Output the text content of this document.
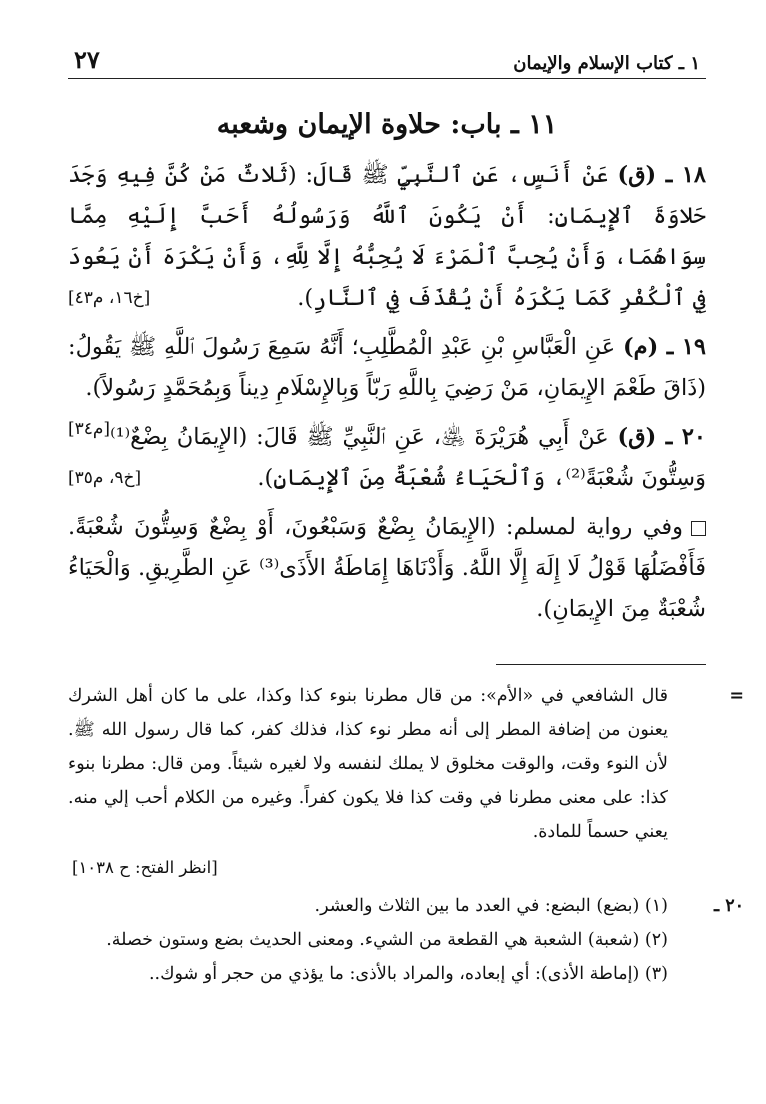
١ ـ كتاب الإسلام والإيمان
٢٧
١١ ـ باب: حلاوة الإيمان وشعبه
١٨ ـ (ق) عَنْ أَنَسٍ، عَنِ ٱلنَّبِيِّ ﷺ قَالَ: (ثَلاثٌ مَنْ كُنَّ فِيهِ وَجَدَ حَلاوَةَ ٱلإِيمَانِ: أَنْ يَكُونَ ٱللَّهُ وَرَسُولُهُ أَحَبَّ إِلَيْهِ مِمَّا سِوَاهُمَا، وَأَنْ يُحِبَّ ٱلْمَرْءَ لَا يُحِبُّهُ إِلَّا لِلَّهِ، وَأَنْ يَكْرَهَ أَنْ يَعُودَ فِي ٱلْكُفْرِ كَمَا يَكْرَهُ أَنْ يُقْذَفَ فِي ٱلنَّارِ).
[خ١٦، م٤٣]
١٩ ـ (م) عَنِ الْعَبَّاسِ بْنِ عَبْدِ الْمُطَّلِبِ؛ أَنَّهُ سَمِعَ رَسُولَ ٱللَّهِ ﷺ يَقُولُ: (ذَاقَ طَعْمَ الإِيمَانِ، مَنْ رَضِيَ بِاللَّهِ رَبّاً وَبِالإِسْلَامِ دِيناً وَبِمُحَمَّدٍ رَسُولاً).
[م٣٤]	٢٠ ـ (ق) عَنْ أَبِي هُرَيْرَةَ ﵁، عَنِ ٱلنَّبِيِّ ﷺ قَالَ: (الإِيمَانُ بِضْعٌ⁽¹⁾ وَسِتُّونَ شُعْبَةً⁽²⁾، وَٱلْحَيَاءُ شُعْبَةٌ مِنَ ٱلإِيمَانِ).
[خ٩، م٣٥]
وفي رواية لمسلم: (الإِيمَانُ بِضْعٌ وَسَبْعُونَ، أَوْ بِضْعٌ وَسِتُّونَ شُعْبَةً. فَأَفْضَلُهَا قَوْلُ لَا إِلَهَ إِلَّا اللَّهُ. وَأَدْنَاهَا إِمَاطَةُ الأَذَى⁽³⁾ عَنِ الطَّرِيقِ. وَالْحَيَاءُ شُعْبَةٌ مِنَ الإِيمَانِ).
=
قال الشافعي في «الأم»: من قال مطرنا بنوء كذا وكذا، على ما كان أهل الشرك يعنون من إضافة المطر إلى أنه مطر نوء كذا، فذلك كفر، كما قال رسول الله ﷺ. لأن النوء وقت، والوقت مخلوق لا يملك لنفسه ولا لغيره شيئاً. ومن قال: مطرنا بنوء كذا: على معنى مطرنا في وقت كذا فلا يكون كفراً. وغيره من الكلام أحب إلي منه. يعني حسماً للمادة.
[انظر الفتح: ح ١٠٣٨]
٢٠ ـ
(١) (بضع) البضع: في العدد ما بين الثلاث والعشر.
(٢) (شعبة) الشعبة هي القطعة من الشيء. ومعنى الحديث بضع وستون خصلة.
(٣) (إماطة الأذى): أي إبعاده، والمراد بالأذى: ما يؤذي من حجر أو شوك..
